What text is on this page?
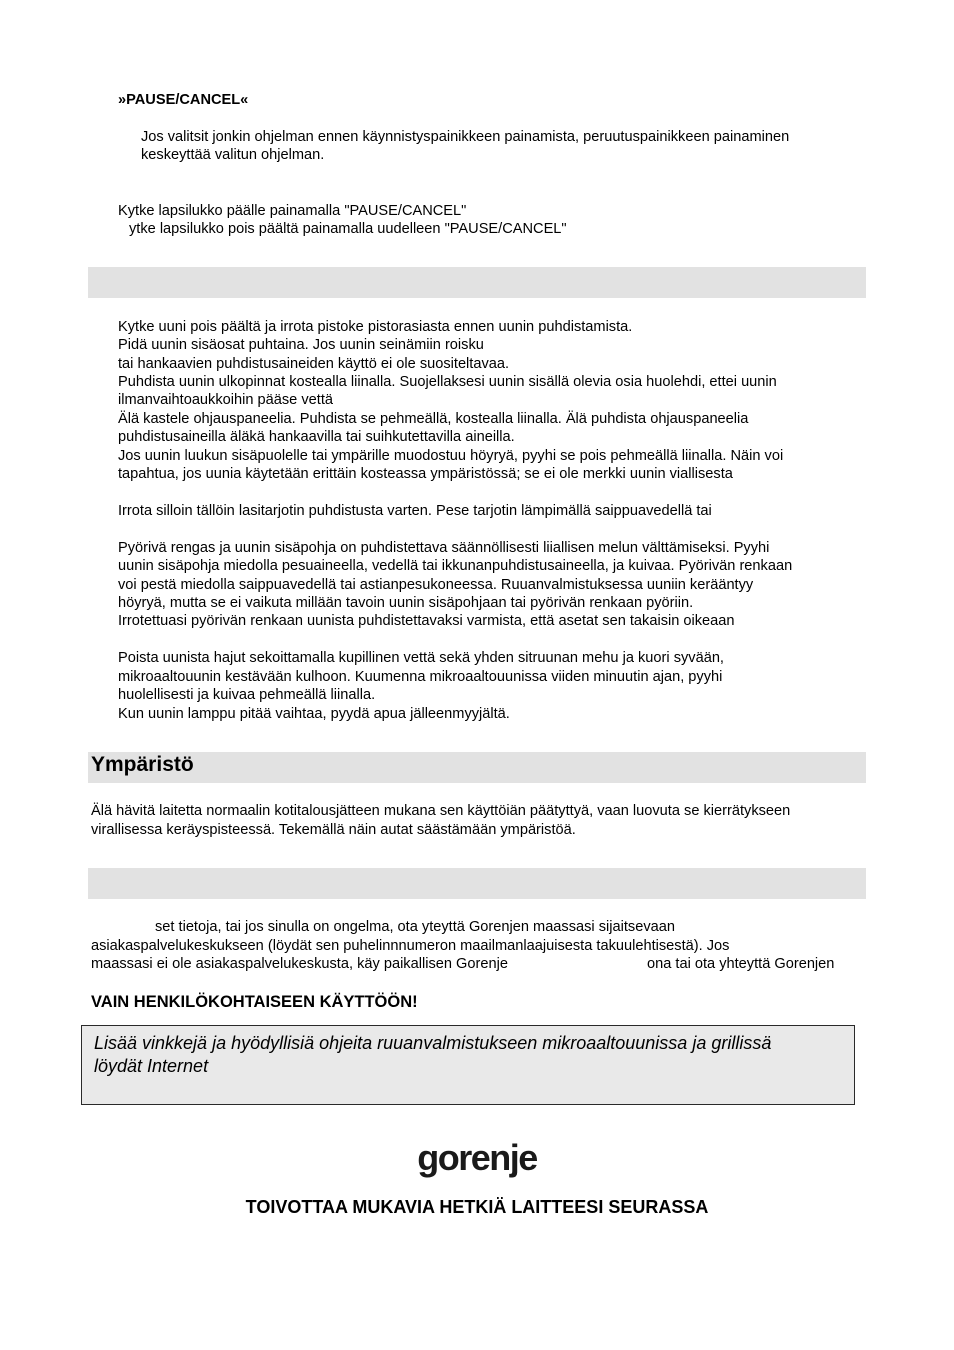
»PAUSE/CANCEL«
Jos valitsit jonkin ohjelman ennen käynnistyspainikkeen painamista, peruutuspainikkeen painaminen
keskeyttää valitun ohjelman.
Kytke lapsilukko päälle painamalla "PAUSE/CANCEL"
ytke lapsilukko pois päältä painamalla uudelleen "PAUSE/CANCEL"
Kytke uuni pois päältä ja irrota pistoke pistorasiasta ennen uunin puhdistamista.
Pidä uunin sisäosat puhtaina. Jos uunin seinämiin roisku
tai hankaavien puhdistusaineiden käyttö ei ole suositeltavaa.
Puhdista uunin ulkopinnat kostealla liinalla. Suojellaksesi uunin sisällä olevia osia huolehdi, ettei uunin
ilmanvaihtoaukkoihin pääse vettä
Älä kastele ohjauspaneelia. Puhdista se pehmeällä, kostealla liinalla. Älä puhdista ohjauspaneelia
puhdistusaineilla äläkä hankaavilla tai suihkutettavilla aineilla.
Jos uunin luukun sisäpuolelle tai ympärille muodostuu höyryä, pyyhi se pois pehmeällä liinalla. Näin voi
tapahtua, jos uunia käytetään erittäin kosteassa ympäristössä; se ei ole merkki uunin viallisesta
Irrota silloin tällöin lasitarjotin puhdistusta varten. Pese tarjotin lämpimällä saippuavedellä tai
Pyörivä rengas ja uunin sisäpohja on puhdistettava säännöllisesti liiallisen melun välttämiseksi. Pyyhi
uunin sisäpohja miedolla pesuaineella, vedellä tai ikkunanpuhdistusaineella, ja kuivaa. Pyörivän renkaan
voi pestä miedolla saippuavedellä tai astianpesukoneessa. Ruuanvalmistuksessa uuniin kerääntyy
höyryä, mutta se ei vaikuta millään tavoin uunin sisäpohjaan tai pyörivän renkaan pyöriin.
Irrotettuasi pyörivän renkaan uunista puhdistettavaksi varmista, että asetat sen takaisin oikeaan
Poista uunista hajut sekoittamalla kupillinen vettä sekä yhden sitruunan mehu ja kuori syvään,
mikroaaltouunin kestävään kulhoon. Kuumenna mikroaaltouunissa viiden minuutin ajan, pyyhi
huolellisesti ja kuivaa pehmeällä liinalla.
Kun uunin lamppu pitää vaihtaa, pyydä apua jälleenmyyjältä.
Ympäristö
Älä hävitä laitetta normaalin kotitalousjätteen mukana sen käyttöiän päätyttyä, vaan luovuta se kierrätykseen
virallisessa keräyspisteessä. Tekemällä näin autat säästämään ympäristöä.
set tietoja, tai jos sinulla on ongelma, ota yteyttä Gorenjen maassasi sijaitsevaan
asiakaspalvelukeskukseen (löydät sen puhelinnnumeron maailmanlaajuisesta takuulehtisestä). Jos
maassasi ei ole asiakaspalvelukeskusta, käy paikallisen Gorenje	ona tai ota yhteyttä Gorenjen
VAIN HENKILÖKOHTAISEEN KÄYTTÖÖN!
Lisää vinkkejä ja hyödyllisiä ohjeita ruuanvalmistukseen mikroaaltouunissa ja grillissä
löydät Internet
gorenje
TOIVOTTAA MUKAVIA HETKIÄ LAITTEESI SEURASSA
